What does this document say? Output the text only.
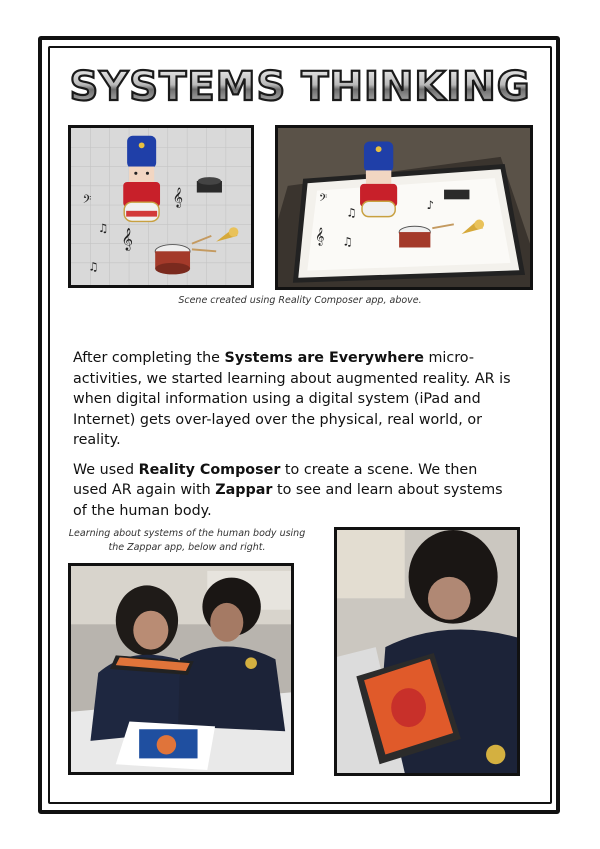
SYSTEMS THINKING
𝄢	𝄞
♫ 𝄞
♫
𝄢
♫
𝄞 ♫
♪
Scene created using Reality Composer app, above.

After completing the Systems are Everywhere micro-activities, we started learning about augmented reality. AR is when digital information using a digital system (iPad and Internet) gets over-layed over the physical, real world, or reality.

We used Reality Composer to create a scene. We then used AR again with Zappar to see and learn about systems of the human body.

Learning about systems of the human body using the Zappar app, below and right.
